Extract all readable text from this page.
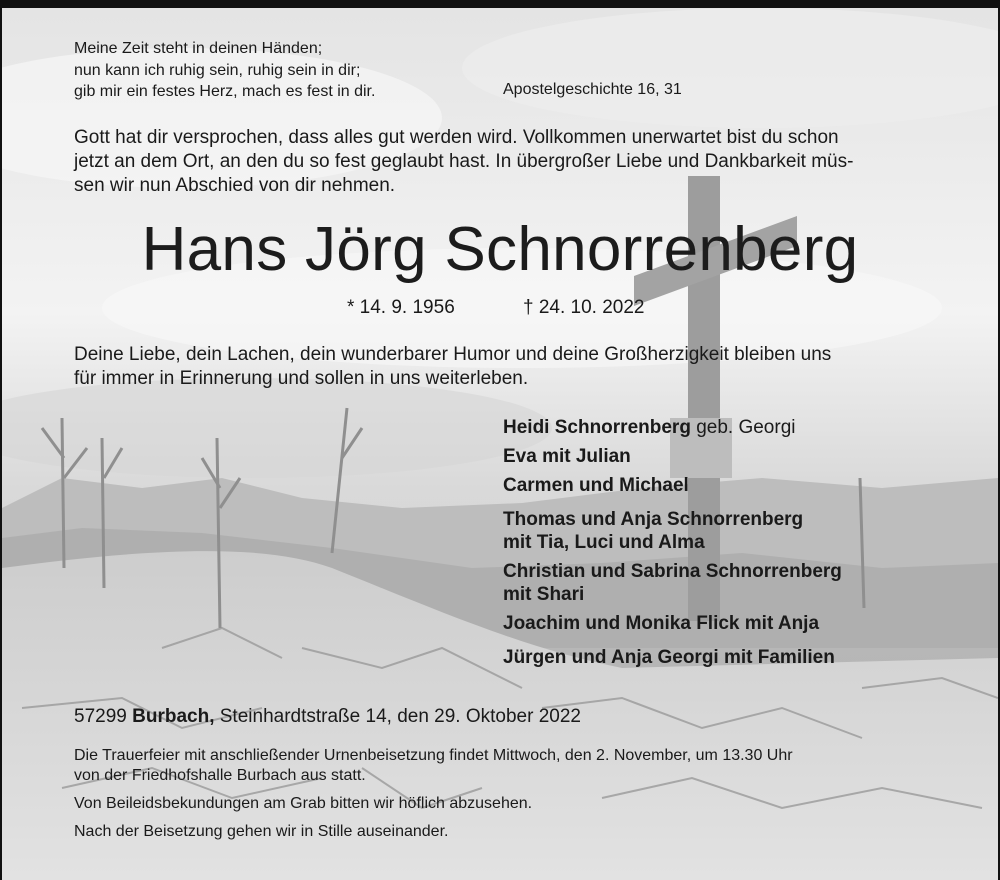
Meine Zeit steht in deinen Händen;
nun kann ich ruhig sein, ruhig sein in dir;
gib mir ein festes Herz, mach es fest in dir.	Apostelgeschichte 16, 31
Gott hat dir versprochen, dass alles gut werden wird. Vollkommen unerwartet bist du schon
jetzt an dem Ort, an den du so fest geglaubt hast. In übergroßer Liebe und Dankbarkeit müs-
sen wir nun Abschied von dir nehmen.
Hans Jörg Schnorrenberg
* 14. 9. 1956	† 24. 10. 2022
Deine Liebe, dein Lachen, dein wunderbarer Humor und deine Großherzigkeit bleiben uns
für immer in Erinnerung und sollen in uns weiterleben.
Heidi Schnorrenberg geb. Georgi
Eva mit Julian
Carmen und Michael
Thomas und Anja Schnorrenberg
mit Tia, Luci und Alma
Christian und Sabrina Schnorrenberg
mit Shari
Joachim und Monika Flick mit Anja
Jürgen und Anja Georgi mit Familien
57299 Burbach, Steinhardtstraße 14, den 29. Oktober 2022
Die Trauerfeier mit anschließender Urnenbeisetzung findet Mittwoch, den 2. November, um 13.30 Uhr
von der Friedhofshalle Burbach aus statt.
Von Beileidsbekundungen am Grab bitten wir höflich abzusehen.
Nach der Beisetzung gehen wir in Stille auseinander.
